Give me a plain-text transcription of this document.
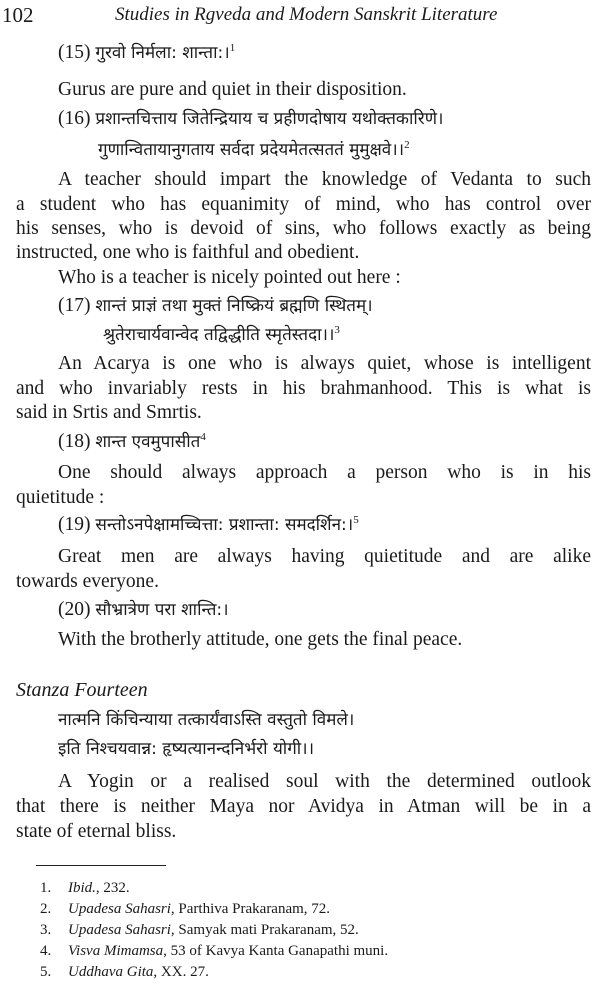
102	Studies in Rgveda and Modern Sanskrit Literature
(15) गुरवो निर्मला: शान्ता:।$^1$
Gurus are pure and quiet in their disposition.
(16) प्रशान्तचित्ताय जितेन्द्रियाय च प्रहीणदोषाय यथोक्तकारिणे।
गुणान्वितायानुगताय सर्वदा प्रदेयमेतत्सततं मुमुक्षवे।।$^2$
A teacher should impart the knowledge of Vedanta to such
a student who has equanimity of mind, who has control over
his senses, who is devoid of sins, who follows exactly as being
instructed, one who is faithful and obedient.
Who is a teacher is nicely pointed out here :
(17) शान्तं प्राज्ञं तथा मुक्तं निष्क्रियं ब्रह्मणि स्थितम्।
श्रुतेराचार्यवान्वेद तद्विद्धीति स्मृतेस्तदा।।$^3$
An Acarya is one who is always quiet, whose is intelligent
and who invariably rests in his brahmanhood. This is what is
said in Srtis and Smrtis.
(18) शान्त एवमुपासीत$^4$
One should always approach a person who is in his
quietitude :
(19) सन्तोऽनपेक्षामच्चित्ता: प्रशान्ता: समदर्शिन:।$^5$
Great men are always having quietitude and are alike
towards everyone.
(20) सौभ्रात्रेण परा शान्ति:।
With the brotherly attitude, one gets the final peace.
Stanza Fourteen
नात्मनि किंचिन्याया तत्कार्यंवाऽस्ति वस्तुतो विमले।
इति निश्चयवान्न: हृष्यत्यानन्दनिर्भरो योगी।।
A Yogin or a realised soul with the determined outlook
that there is neither Maya nor Avidya in Atman will be in a
state of eternal bliss.
1. Ibid., 232.
2. Upadesa Sahasri, Parthiva Prakaranam, 72.
3. Upadesa Sahasri, Samyak mati Prakaranam, 52.
4. Visva Mimamsa, 53 of Kavya Kanta Ganapathi muni.
5. Uddhava Gita, XX. 27.
